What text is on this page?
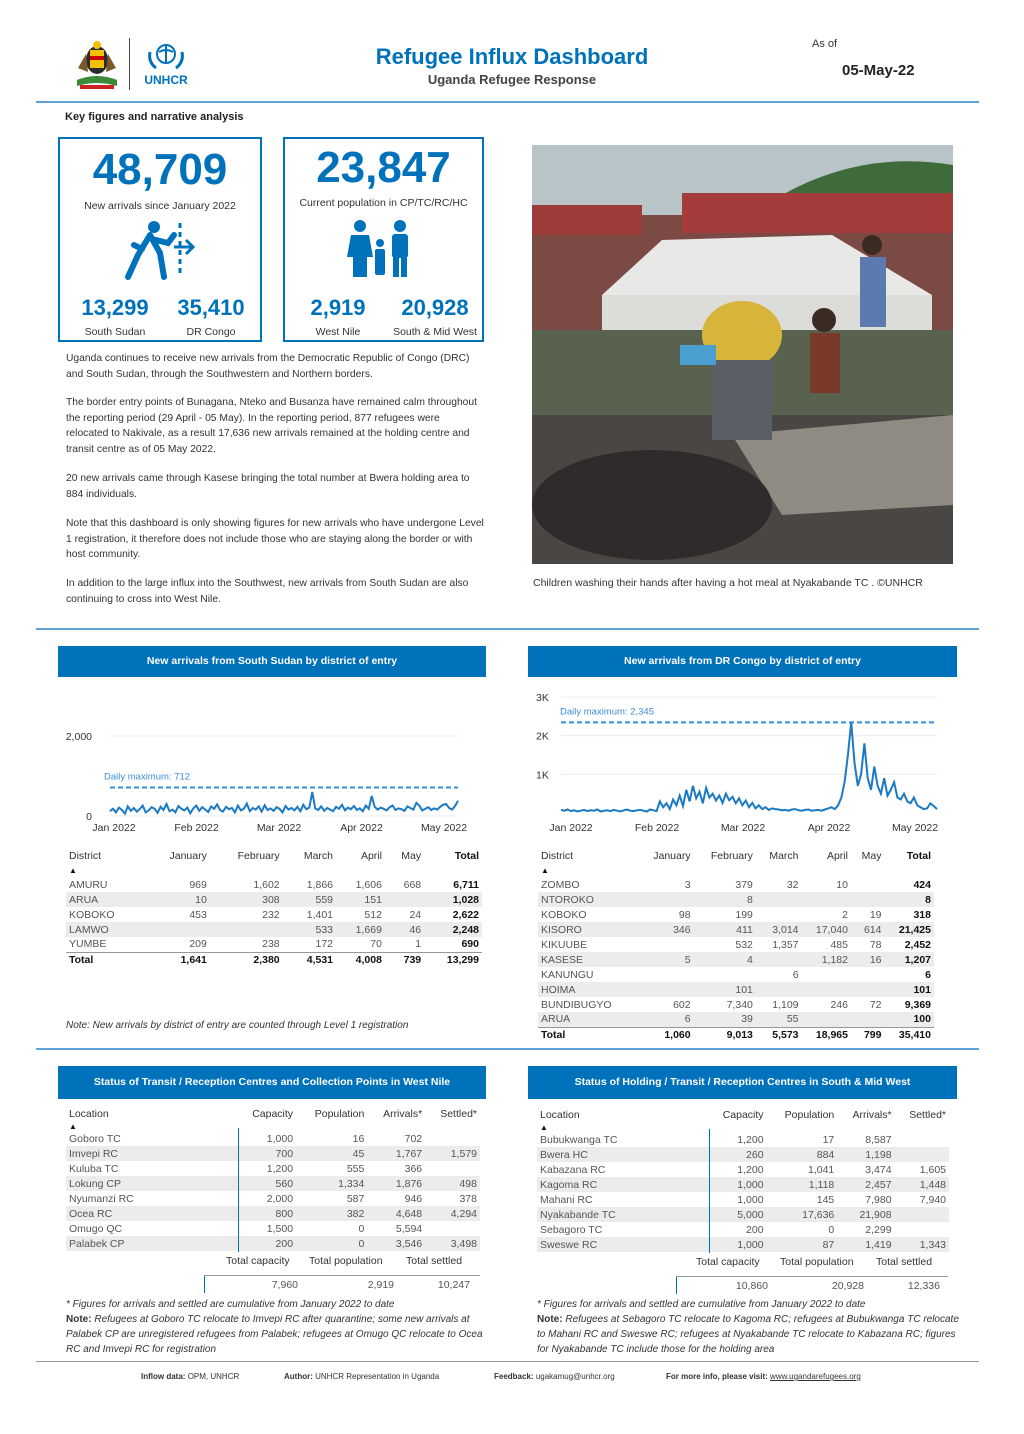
UNHCR
Refugee Influx Dashboard
Uganda Refugee Response
As of
05-May-22
Key figures and narrative analysis
48,709
New arrivals since January 2022
13,299	35,410
South Sudan	DR Congo
23,847
Current population in CP/TC/RC/HC
2,919	20,928
West Nile	South & Mid West
Uganda continues to receive new arrivals from the Democratic Republic of Congo (DRC) and South Sudan, through the Southwestern and Northern borders.
The border entry points of Bunagana, Nteko and Busanza have remained calm throughout the reporting period (29 April - 05 May). In the reporting period, 877 refugees were relocated to Nakivale, as a result 17,636 new arrivals remained at the holding centre and transit centre as of 05 May 2022.
20 new arrivals came through Kasese bringing the total number at Bwera holding area to 884 individuals.
Note that this dashboard is only showing figures for new arrivals who have undergone Level 1 registration, it therefore does not include those who are staying along the border or with host community.
In addition to the large influx into the Southwest, new arrivals from South Sudan are also continuing to cross into West Nile.
Children washing their hands after having a hot meal at Nyakabande TC . ©UNHCR
New arrivals from South Sudan by district of entry
0
2,000
Daily maximum: 712
Jan 2022	Feb 2022	Mar 2022	Apr 2022	May 2022
New arrivals from DR Congo by district of entry
1K
2K
3K
Daily maximum: 2,345
Jan 2022	Feb 2022	Mar 2022	Apr 2022	May 2022
District	January	February	March	April	May	Total
▲						
AMURU	969	1,602	1,866	1,606	668	6,711
ARUA	10	308	559	151		1,028
KOBOKO	453	232	1,401	512	24	2,622
LAMWO			533	1,669	46	2,248
YUMBE	209	238	172	70	1	690
Total	1,641	2,380	4,531	4,008	739	13,299
District	January	February	March	April	May	Total
▲						
ZOMBO	3	379	32	10		424
NTOROKO		8				8
KOBOKO	98	199		2	19	318
KISORO	346	411	3,014	17,040	614	21,425
KIKUUBE		532	1,357	485	78	2,452
KASESE	5	4		1,182	16	1,207
KANUNGU			6			6
HOIMA		101				101
BUNDIBUGYO	602	7,340	1,109	246	72	9,369
ARUA	6	39	55			100
Total	1,060	9,013	5,573	18,965	799	35,410
Note: New arrivals by district of entry are counted through Level 1 registration
Status of Transit / Reception Centres and Collection Points in West Nile
Location	Capacity	Population	Arrivals*	Settled*
▲				
Goboro TC	1,000	16	702	
Imvepi RC	700	45	1,767	1,579
Kuluba TC	1,200	555	366	
Lokung CP	560	1,334	1,876	498
Nyumanzi RC	2,000	587	946	378
Ocea RC	800	382	4,648	4,294
Omugo QC	1,500	0	5,594	
Palabek CP	200	0	3,546	3,498
Total capacity Total population Total settled
7,960	2,919	10,247
* Figures for arrivals and settled are cumulative from January 2022 to date
Note: Refugees at Goboro TC relocate to Imvepi RC after quarantine; some new arrivals at Palabek CP are unregistered refugees from Palabek; refugees at Omugo QC relocate to Ocea RC and Imvepi RC for registration
Status of Holding / Transit / Reception Centres in South & Mid West
Location	Capacity	Population	Arrivals*	Settled*
▲				
Bubukwanga TC	1,200	17	8,587	
Bwera HC	260	884	1,198	
Kabazana RC	1,200	1,041	3,474	1,605
Kagoma RC	1,000	1,118	2,457	1,448
Mahani RC	1,000	145	7,980	7,940
Nyakabande TC	5,000	17,636	21,908	
Sebagoro TC	200	0	2,299	
Sweswe RC	1,000	87	1,419	1,343
Total capacity Total population Total settled
10,860	20,928	12,336
* Figures for arrivals and settled are cumulative from January 2022 to date
Note: Refugees at Sebagoro TC relocate to Kagoma RC; refugees at Bubukwanga TC relocate to Mahani RC and Sweswe RC; refugees at Nyakabande TC relocate to Kabazana RC; figures for Nyakabande TC include those for the holding area
Inflow data: OPM, UNHCR	Author: UNHCR Representation in Uganda	Feedback: ugakamug@unhcr.org	For more info, please visit: www.ugandarefugees.org
